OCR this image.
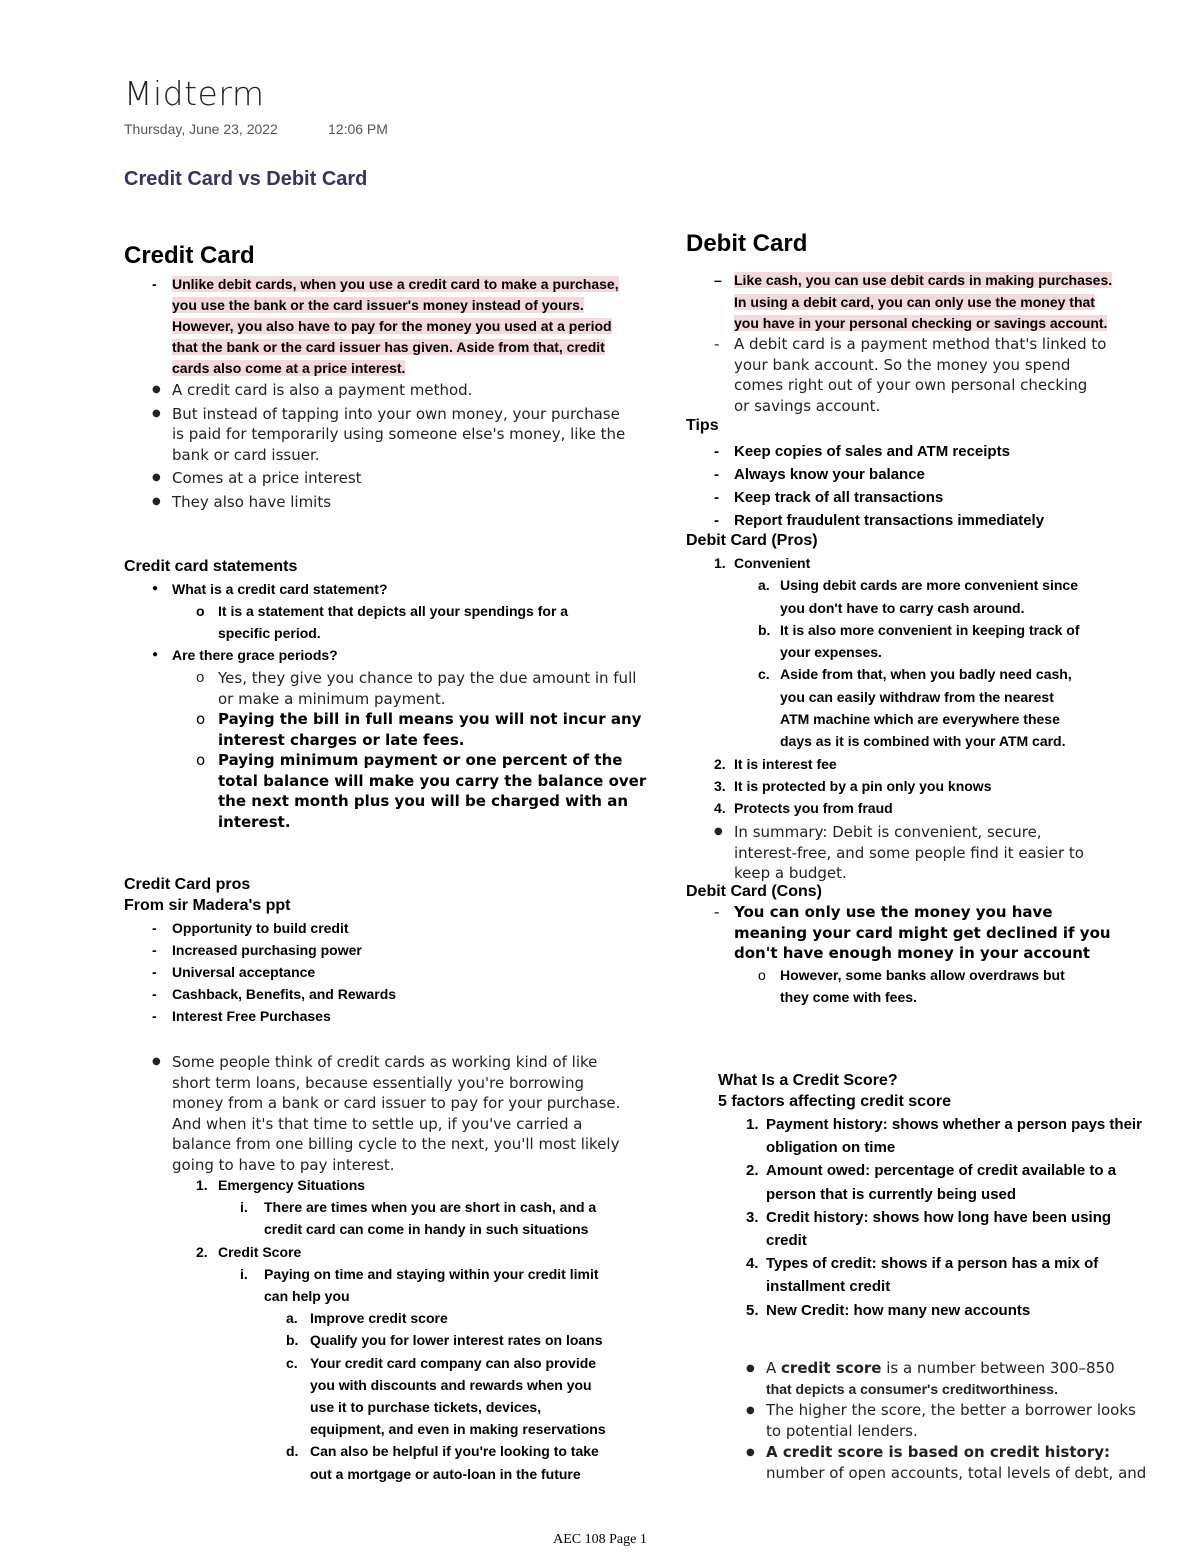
Midterm
Thursday, June 23, 2022	12:06 PM
Credit Card vs Debit Card
Credit Card
-	Unlike debit cards, when you use a credit card to make a purchase,
you use the bank or the card issuer's money instead of yours.
However, you also have to pay for the money you used at a period
that the bank or the card issuer has given. Aside from that, credit
cards also come at a price interest.
● A credit card is also a payment method.
● But instead of tapping into your own money, your purchase
is paid for temporarily using someone else's money, like the
bank or card issuer.
● Comes at a price interest
● They also have limits
Credit card statements
● What is a credit card statement?
o It is a statement that depicts all your spendings for a
specific period.
● Are there grace periods?
o Yes, they give you chance to pay the due amount in full
or make a minimum payment.
o Paying the bill in full means you will not incur any
interest charges or late fees.
o Paying minimum payment or one percent of the
total balance will make you carry the balance over
the next month plus you will be charged with an
interest.
Credit Card pros
From sir Madera's ppt
-	Opportunity to build credit
-	Increased purchasing power
-	Universal acceptance
-	Cashback, Benefits, and Rewards
-	Interest Free Purchases
● Some people think of credit cards as working kind of like
short term loans, because essentially you're borrowing
money from a bank or card issuer to pay for your purchase.
And when it's that time to settle up, if you've carried a
balance from one billing cycle to the next, you'll most likely
going to have to pay interest.
1. Emergency Situations
i.	There are times when you are short in cash, and a
credit card can come in handy in such situations
2. Credit Score
i.	Paying on time and staying within your credit limit
can help you
a. Improve credit score
b. Qualify you for lower interest rates on loans
c. Your credit card company can also provide
you with discounts and rewards when you
use it to purchase tickets, devices,
equipment, and even in making reservations
d. Can also be helpful if you're looking to take
out a mortgage or auto-loan in the future
Debit Card
– Like cash, you can use debit cards in making purchases.
In using a debit card, you can only use the money that
you have in your personal checking or savings account.
- A debit card is a payment method that's linked to
your bank account. So the money you spend
comes right out of your own personal checking
or savings account.
Tips
-	Keep copies of sales and ATM receipts
-	Always know your balance
-	Keep track of all transactions
-	Report fraudulent transactions immediately
Debit Card (Pros)
1. Convenient
a. Using debit cards are more convenient since
you don't have to carry cash around.
b. It is also more convenient in keeping track of
your expenses.
c. Aside from that, when you badly need cash,
you can easily withdraw from the nearest
ATM machine which are everywhere these
days as it is combined with your ATM card.
2. It is interest fee
3. It is protected by a pin only you knows
4. Protects you from fraud
● In summary: Debit is convenient, secure,
interest-free, and some people find it easier to
keep a budget.
Debit Card (Cons)
- You can only use the money you have
meaning your card might get declined if you
don't have enough money in your account
o	However, some banks allow overdraws but
they come with fees.
What Is a Credit Score?
5 factors affecting credit score
1. Payment history: shows whether a person pays their
obligation on time
2. Amount owed: percentage of credit available to a
person that is currently being used
3. Credit history: shows how long have been using
credit
4. Types of credit: shows if a person has a mix of
installment credit
5. New Credit: how many new accounts
● A credit score is a number between 300–850
that depicts a consumer's creditworthiness.
● The higher the score, the better a borrower looks
to potential lenders.
● A credit score is based on credit history:
number of open accounts, total levels of debt, and
AEC 108 Page 1
